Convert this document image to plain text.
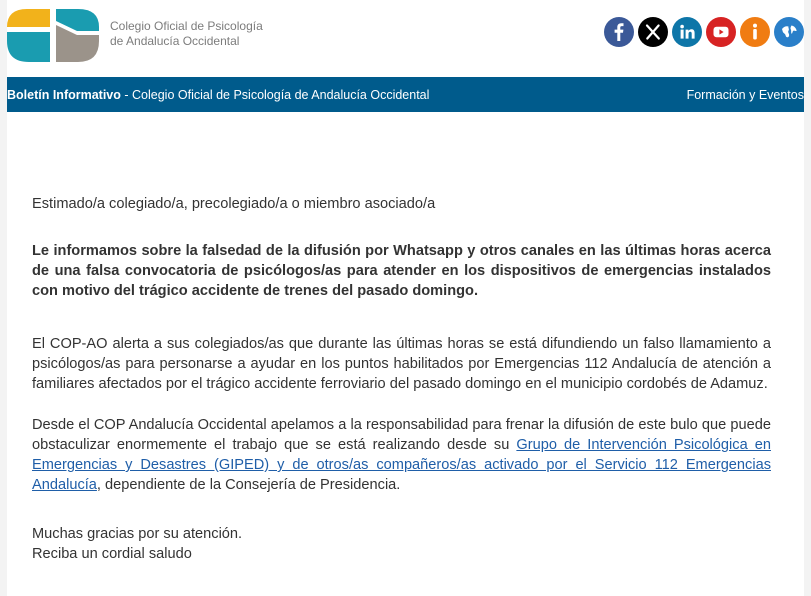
Colegio Oficial de Psicología
de Andalucía Occidental
Boletín Informativo - Colegio Oficial de Psicología de Andalucía Occidental	Formación y Eventos

Estimado/a colegiado/a, precolegiado/a o miembro asociado/a

Le informamos sobre la falsedad de la difusión por Whatsapp y otros canales en las últimas horas acerca de una falsa convocatoria de psicólogos/as para atender en los dispositivos de emergencias instalados con motivo del trágico accidente de trenes del pasado domingo.

El COP-AO alerta a sus colegiados/as que durante las últimas horas se está difundiendo un falso llamamiento a psicólogos/as para personarse a ayudar en los puntos habilitados por Emergencias 112 Andalucía de atención a familiares afectados por el trágico accidente ferroviario del pasado domingo en el municipio cordobés de Adamuz.

Desde el COP Andalucía Occidental apelamos a la responsabilidad para frenar la difusión de este bulo que puede obstaculizar enormemente el trabajo que se está realizando desde su Grupo de Intervención Psicológica en Emergencias y Desastres (GIPED) y de otros/as compañeros/as activado por el Servicio 112 Emergencias Andalucía, dependiente de la Consejería de Presidencia.

Muchas gracias por su atención.

Reciba un cordial saludo
